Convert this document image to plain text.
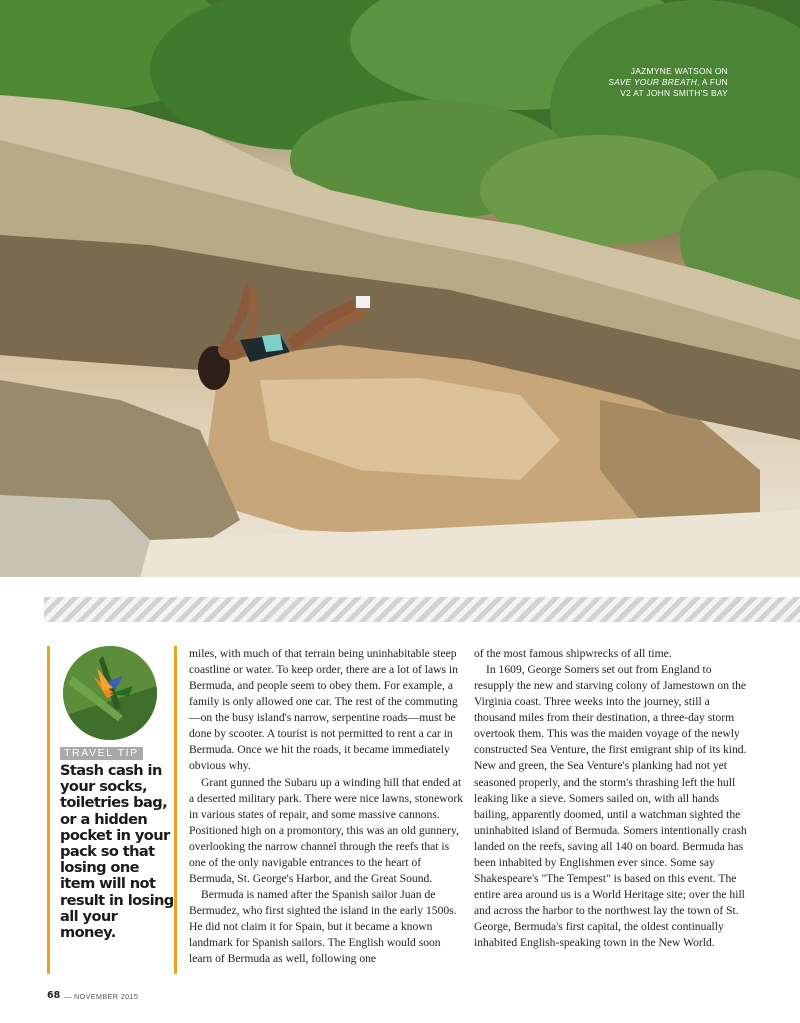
JAZMYNE WATSON ON
SAVE YOUR BREATH, A FUN
V2 AT JOHN SMITH'S BAY
TRAVEL TIP

Stash cash in your socks, toiletries bag, or a hidden pocket in your pack so that losing one item will not result in losing all your money.

miles, with much of that terrain being uninhabitable steep coastline or water. To keep order, there are a lot of laws in Bermuda, and people seem to obey them. For example, a family is only allowed one car. The rest of the commuting—on the busy island's narrow, serpentine roads—must be done by scooter. A tourist is not permitted to rent a car in Bermuda. Once we hit the roads, it became immediately obvious why.

Grant gunned the Subaru up a winding hill that ended at a deserted military park. There were nice lawns, stonework in various states of repair, and some massive cannons. Positioned high on a promontory, this was an old gunnery, overlooking the narrow channel through the reefs that is one of the only navigable entrances to the heart of Bermuda, St. George's Harbor, and the Great Sound.

Bermuda is named after the Spanish sailor Juan de Bermudez, who first sighted the island in the early 1500s. He did not claim it for Spain, but it became a known landmark for Spanish sailors. The English would soon learn of Bermuda as well, following one

of the most famous shipwrecks of all time.

In 1609, George Somers set out from England to resupply the new and starving colony of Jamestown on the Virginia coast. Three weeks into the journey, still a thousand miles from their destination, a three-day storm overtook them. This was the maiden voyage of the newly constructed Sea Venture, the first emigrant ship of its kind. New and green, the Sea Venture's planking had not yet seasoned properly, and the storm's thrashing left the hull leaking like a sieve. Somers sailed on, with all hands bailing, apparently doomed, until a watchman sighted the uninhabited island of Bermuda. Somers intentionally crash landed on the reefs, saving all 140 on board. Bermuda has been inhabited by Englishmen ever since. Some say Shakespeare's "The Tempest" is based on this event. The entire area around us is a World Heritage site; over the hill and across the harbor to the northwest lay the town of St. George, Bermuda's first capital, the oldest continually inhabited English-speaking town in the New World.

68 — NOVEMBER 2015
